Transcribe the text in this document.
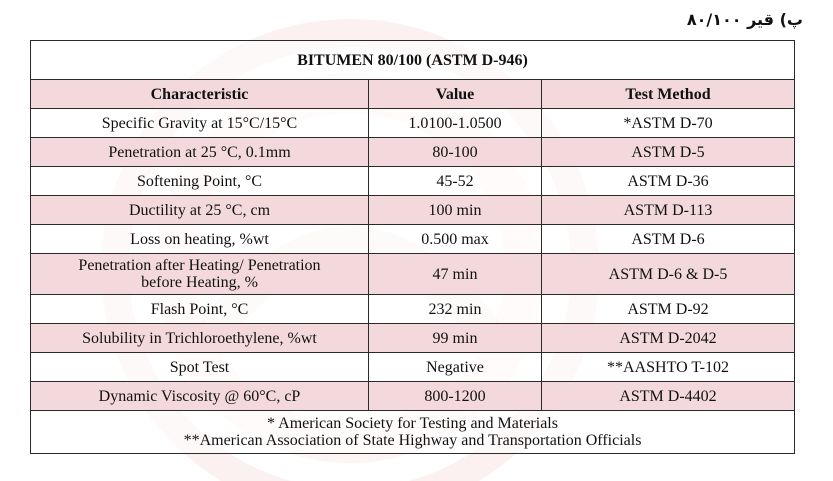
پ) قیر ۸۰/۱۰۰
BITUMEN 80/100 (ASTM D-946)		
Characteristic	Value	Test Method
Specific Gravity at 15°C/15°C	1.0100-1.0500	*ASTM D-70
Penetration at 25 °C, 0.1mm	80-100	ASTM D-5
Softening Point, °C	45-52	ASTM D-36
Ductility at 25 °C, cm	100 min	ASTM D-113
Loss on heating, %wt	0.500 max	ASTM D-6

Penetration after Heating/ Penetration
before Heating, %	47 min	ASTM D-6 & D-5
Flash Point, °C	232 min	ASTM D-92
Solubility in Trichloroethylene, %wt	99 min	ASTM D-2042
Spot Test	Negative	**AASHTO T-102
Dynamic Viscosity @ 60°C, cP	800-1200	ASTM D-4402

* American Society for Testing and Materials
**American Association of State Highway and Transportation Officials		
